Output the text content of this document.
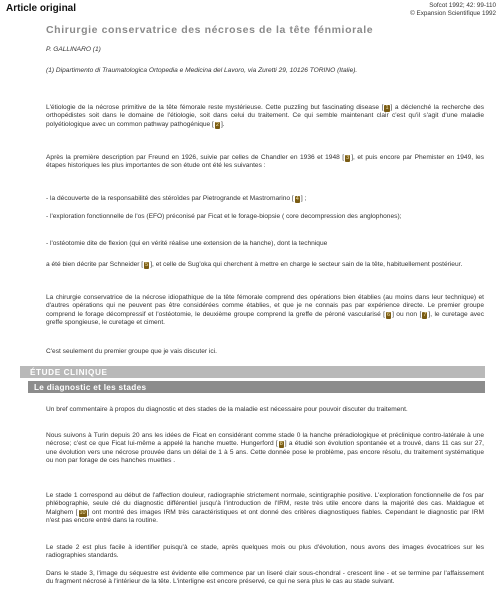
Article original	Sofcot 1992; 42: 99-110
© Expansion Scientifique 1992
Chirurgie conservatrice des nécroses de la tête fénmiorale
P. GALLINARO (1)
(1) Dipartimento di Traumatologica Ortopedia e Medicina del Lavoro, via Zuretti 29, 10126 TORINO (Italie).

L'étiologie de la nécrose primitive de la tête fémorale reste mystérieuse. Cette puzzling but fascinating disease [ 1 ] a déclenché la recherche des orthopédistes soit dans le domaine de l'étiologie, soit dans celui du traitement. Ce qui semble maintenant clair c'est qu'il s'agit d'une maladie polyétiologique avec un common pathway pathogénique [ 2 ].

Après la première description par Freund en 1926, suivie par celles de Chandler en 1936 et 1948 [ 3 ], et puis encore par Phemister en 1949, les étapes historiques les plus importantes de son étude ont été les suivantes :

- la découverte de la responsabilité des stéroïdes par Pietrogrande et Mastromarino [ 4 ] ;

- l'exploration fonctionnelle de l'os (EFO) préconisé par Ficat et le forage-biopsie ( core decompression des anglophones);

- l'ostéotomie dite de flexion (qui en vérité réalise une extension de la hanche), dont la technique

a été bien décrite par Schneider [ 5 ], et celle de Sug'oka qui cherchent à mettre en charge le secteur sain de la tête, habituellement postérieur.

La chirurgie conservatrice de la nécrose idiopathique de la tête fémorale comprend des opérations bien établies (au moins dans leur technique) et d'autres opérations qui ne peuvent pas être considérées comme établies, et que je ne connais pas par expérience directe. Le premier groupe comprend le forage décompressif et l'ostéotomie, le deuxième groupe comprend la greffe de péroné vascularisé [ 6 ] ou non [ 7 ], le curetage avec greffe spongieuse, le curetage et ciment.

C'est seulement du premier groupe que je vais discuter ici.

ÉTUDE CLINIQUE
Le diagnostic et les stades

Un bref commentaire à propos du diagnostic et des stades de la maladie est nécessaire pour pouvoir discuter du traitement.

Nous suivons à Turin depuis 20 ans les idées de Ficat en considérant comme stade 0 la hanche préradiologique et préclinique contro-latérale à une nécrose; c'est ce que Ficat lui-même a appelé la hanche muette. Hungerford [ 8 ] a étudié son évolution spontanée et a trouvé, dans 11 cas sur 27, une évolution vers une nécrose prouvée dans un délai de 1 à 5 ans. Cette donnée pose le problème, pas encore résolu, du traitement systématique ou non par forage de ces hanches muettes .

Le stade 1 correspond au début de l'affection douleur, radiographie strictement normale, scintigraphie positive. L'exploration fonctionnelle de l'os par phlébographie, seule clé du diagnostic différentiel jusqu'à l'introduction de l'IRM, reste très utile encore dans la majorité des cas. Maldague et Malghem [ 10 ] ont montré des images IRM très caractéristiques et ont donné des critères diagnostiques fiables. Cependant le diagnostic par IRM n'est pas encore entré dans la routine.

Le stade 2 est plus facile à identifier puisqu'à ce stade, après quelques mois ou plus d'évolution, nous avons des images évocatrices sur les radiographies standards.

Dans le stade 3, l'image du séquestre est évidente elle commence par un liseré clair sous-chondral - crescent line - et se termine par l'affaissement du fragment nécrosé à l'intérieur de la tête. L'interligne est encore préservé, ce qui ne sera plus le cas au stade suivant.
